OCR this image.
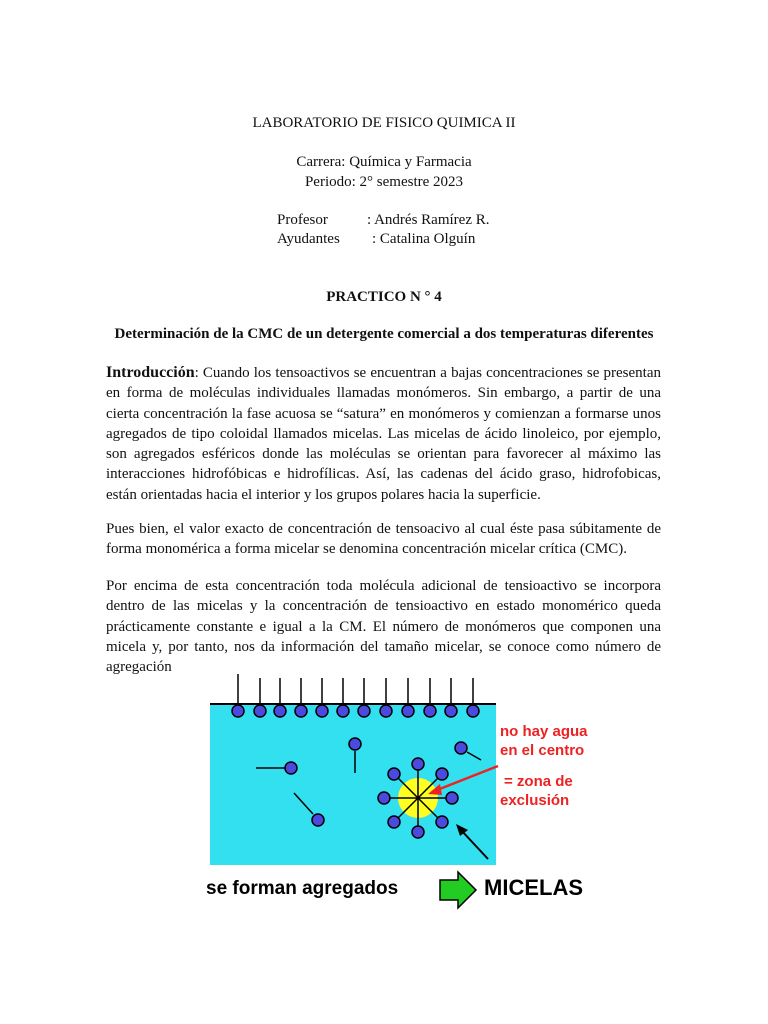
LABORATORIO DE FISICO QUIMICA II
Carrera: Química y Farmacia
Periodo: 2° semestre 2023
Profesor	: Andrés Ramírez R.
Ayudantes : Catalina Olguín
PRACTICO N ° 4
Determinación de la CMC de un detergente comercial a dos temperaturas diferentes
Introducción: Cuando los tensoactivos se encuentran a bajas concentraciones se presentan en forma de moléculas individuales llamadas monómeros. Sin embargo, a partir de una cierta concentración la fase acuosa se “satura” en monómeros y comienzan a formarse unos agregados de tipo coloidal llamados micelas. Las micelas de ácido linoleico, por ejemplo, son agregados esféricos donde las moléculas se orientan para favorecer al máximo las interacciones hidrofóbicas e hidrofílicas. Así, las cadenas del ácido graso, hidrofobicas, están orientadas hacia el interior y los grupos polares hacia la superficie.
Pues bien, el valor exacto de concentración de tensoacivo al cual éste pasa súbitamente de forma monomérica a forma micelar se denomina concentración micelar crítica (CMC).
Por encima de esta concentración toda molécula adicional de tensioactivo se incorpora dentro de las micelas y la concentración de tensioactivo en estado monomérico queda prácticamente constante e igual a la CM. El número de monómeros que componen una micela y, por tanto, nos da información del tamaño micelar, se conoce como número de agregación
no hay agua
en el centro
= zona de
exclusión
se forman agregados	MICELAS
